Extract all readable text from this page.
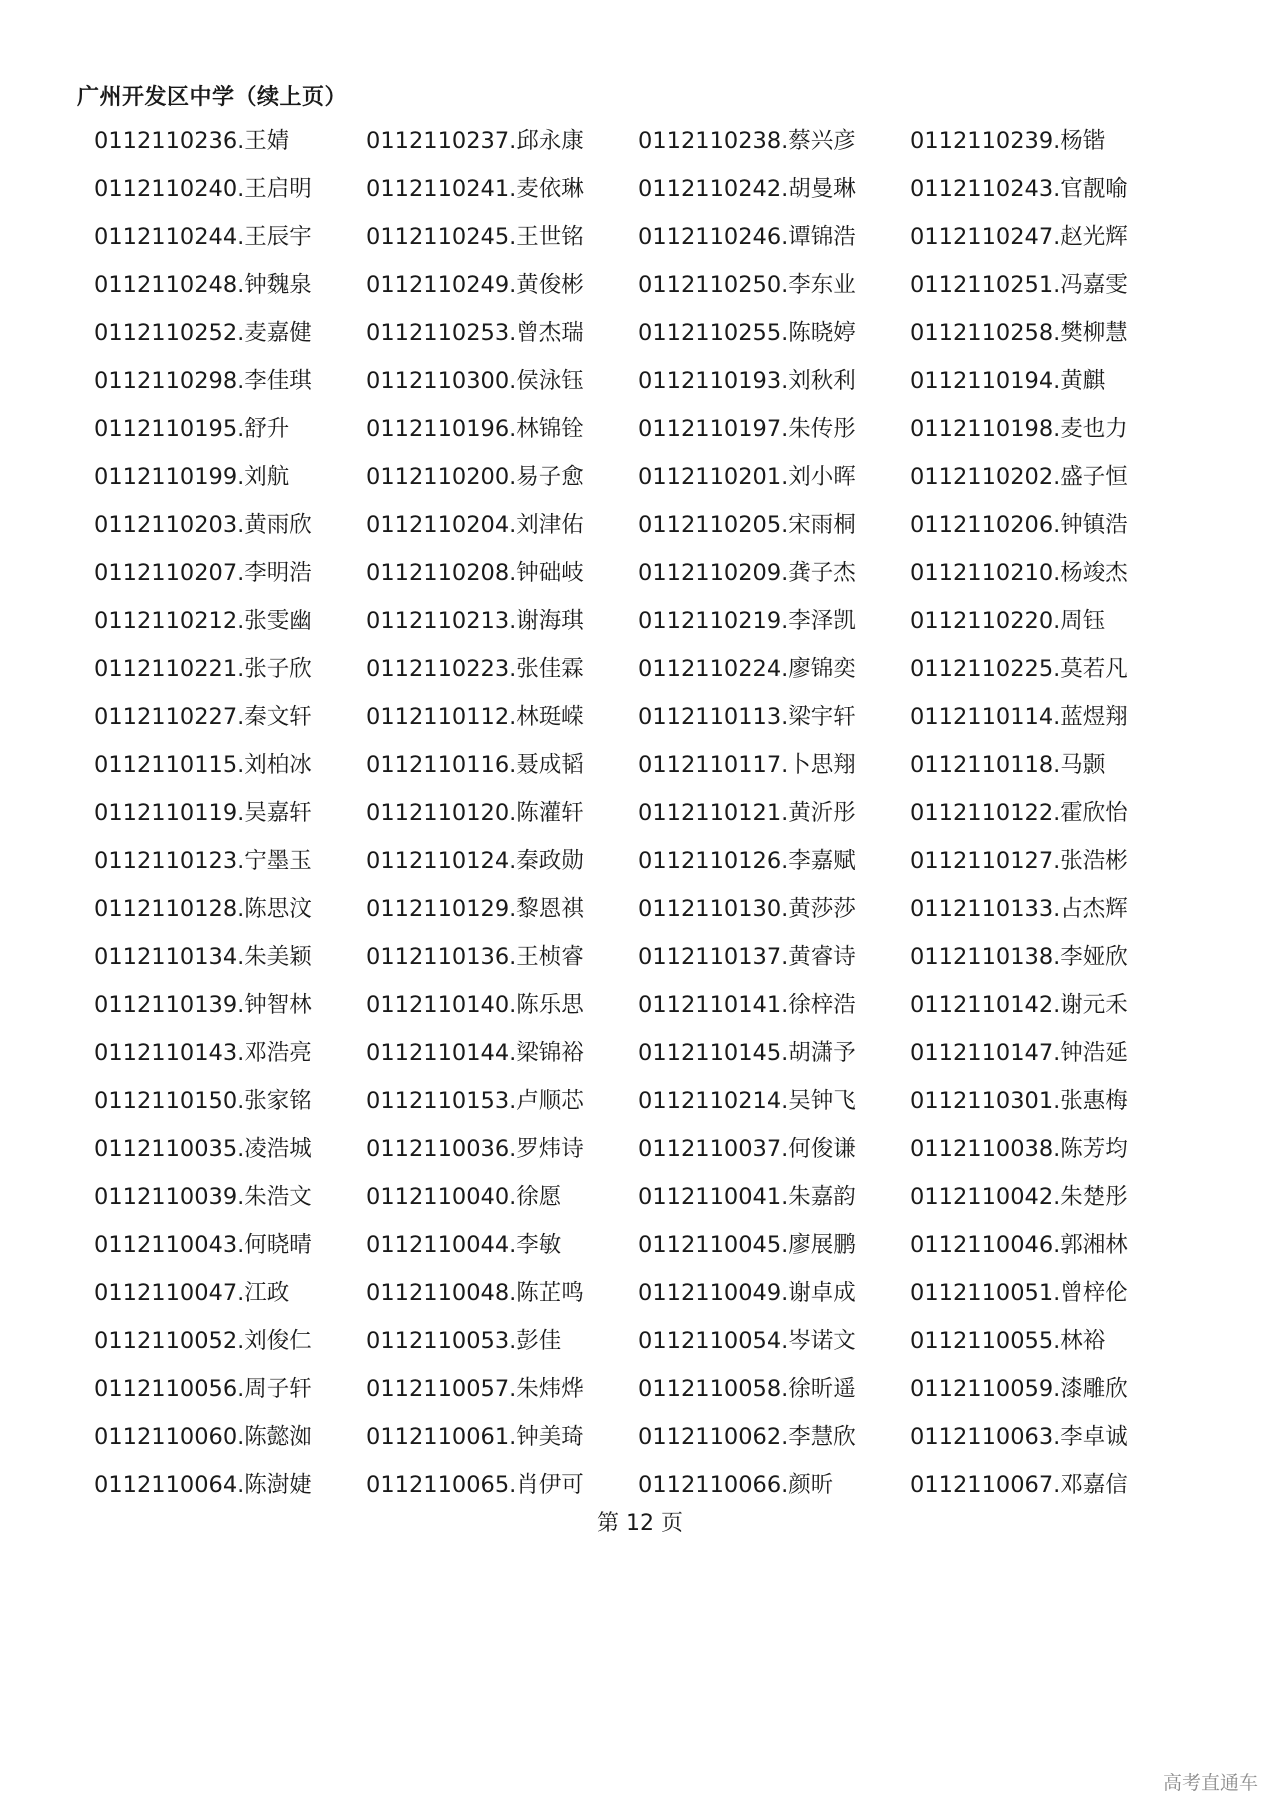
广州开发区中学（续上页）
0112110236.王婧	0112110237.邱永康	0112110238.蔡兴彦	0112110239.杨锴
0112110240.王启明	0112110241.麦依琳	0112110242.胡曼琳	0112110243.官靓喻
0112110244.王辰宇	0112110245.王世铭	0112110246.谭锦浩	0112110247.赵光辉
0112110248.钟魏泉	0112110249.黄俊彬	0112110250.李东业	0112110251.冯嘉雯
0112110252.麦嘉健	0112110253.曾杰瑞	0112110255.陈晓婷	0112110258.樊柳慧
0112110298.李佳琪	0112110300.侯泳钰	0112110193.刘秋利	0112110194.黄麒
0112110195.舒升	0112110196.林锦铨	0112110197.朱传彤	0112110198.麦也力
0112110199.刘航	0112110200.易子愈	0112110201.刘小晖	0112110202.盛子恒
0112110203.黄雨欣	0112110204.刘津佑	0112110205.宋雨桐	0112110206.钟镇浩
0112110207.李明浩	0112110208.钟础岐	0112110209.龚子杰	0112110210.杨竣杰
0112110212.张雯幽	0112110213.谢海琪	0112110219.李泽凯	0112110220.周钰
0112110221.张子欣	0112110223.张佳霖	0112110224.廖锦奕	0112110225.莫若凡
0112110227.秦文轩	0112110112.林珽嵘	0112110113.梁宇轩	0112110114.蓝煜翔
0112110115.刘柏冰	0112110116.聂成韬	0112110117.卜思翔	0112110118.马颢
0112110119.吴嘉轩	0112110120.陈灌轩	0112110121.黄沂彤	0112110122.霍欣怡
0112110123.宁墨玉	0112110124.秦政勋	0112110126.李嘉赋	0112110127.张浩彬
0112110128.陈思汶	0112110129.黎恩祺	0112110130.黄莎莎	0112110133.占杰辉
0112110134.朱美颖	0112110136.王桢睿	0112110137.黄睿诗	0112110138.李娅欣
0112110139.钟智林	0112110140.陈乐思	0112110141.徐梓浩	0112110142.谢元禾
0112110143.邓浩亮	0112110144.梁锦裕	0112110145.胡潇予	0112110147.钟浩延
0112110150.张家铭	0112110153.卢顺芯	0112110214.吴钟飞	0112110301.张惠梅
0112110035.凌浩城	0112110036.罗炜诗	0112110037.何俊谦	0112110038.陈芳均
0112110039.朱浩文	0112110040.徐愿	0112110041.朱嘉韵	0112110042.朱楚彤
0112110043.何晓晴	0112110044.李敏	0112110045.廖展鹏	0112110046.郭湘林
0112110047.江政	0112110048.陈芷鸣	0112110049.谢卓成	0112110051.曾梓伦
0112110052.刘俊仁	0112110053.彭佳	0112110054.岑诺文	0112110055.林裕
0112110056.周子轩	0112110057.朱炜烨	0112110058.徐昕遥	0112110059.漆雕欣
0112110060.陈懿洳	0112110061.钟美琦	0112110062.李慧欣	0112110063.李卓诚
0112110064.陈澍婕	0112110065.肖伊可	0112110066.颜昕	0112110067.邓嘉信
第 12 页
高考直通车
